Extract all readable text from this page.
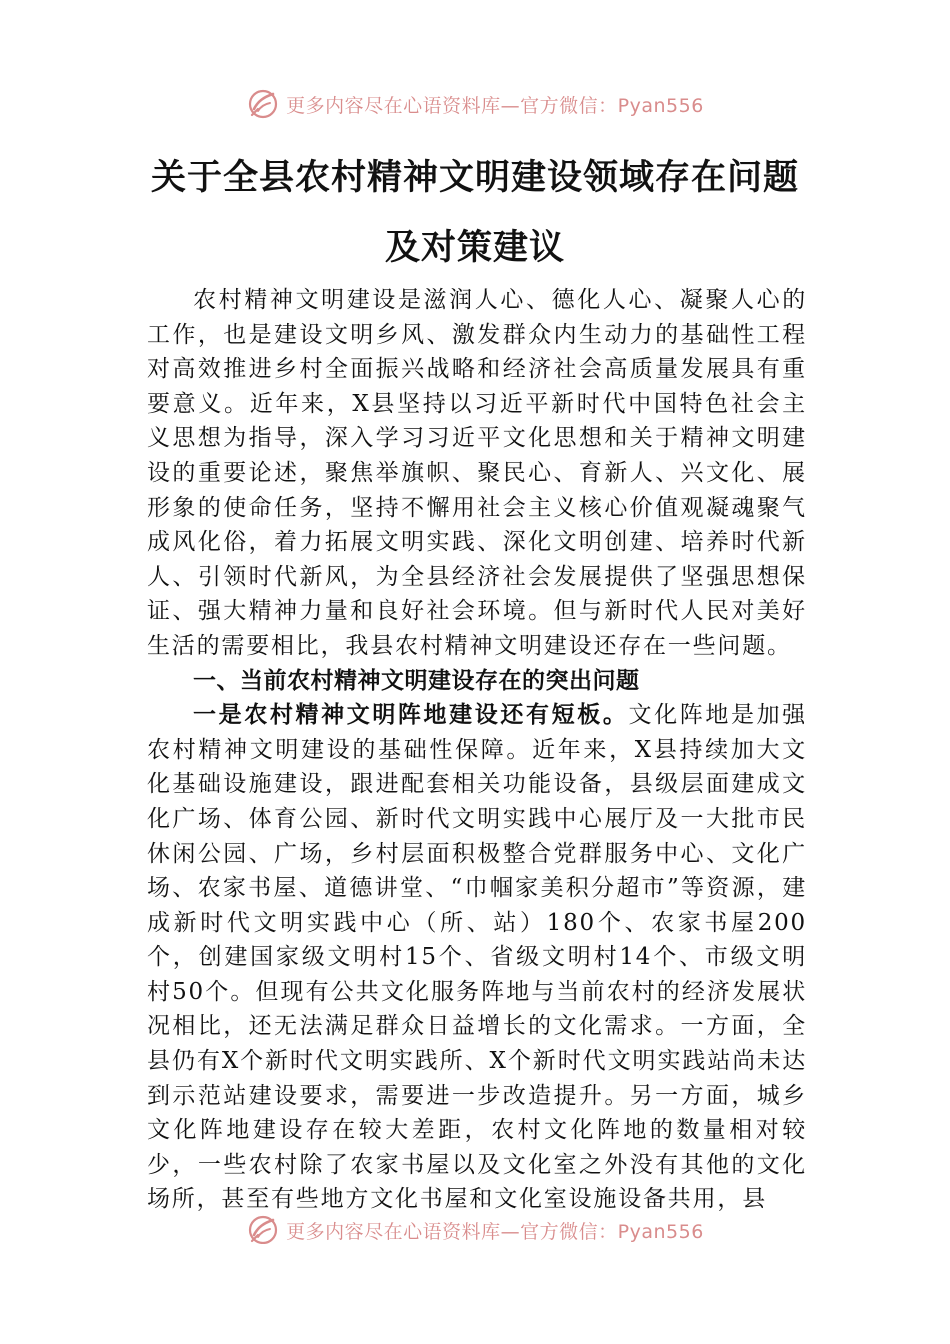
更多内容尽在心语资料库—官方微信：Pyan556
关于全县农村精神文明建设领域存在问题
及对策建议

农村精神文明建设是滋润人心、德化人心、凝聚人心的工作，也是建设文明乡风、激发群众内生动力的基础性工程对高效推进乡村全面振兴战略和经济社会高质量发展具有重要意义。近年来，X县坚持以习近平新时代中国特色社会主义思想为指导，深入学习习近平文化思想和关于精神文明建设的重要论述，聚焦举旗帜、聚民心、育新人、兴文化、展形象的使命任务，坚持不懈用社会主义核心价值观凝魂聚气成风化俗，着力拓展文明实践、深化文明创建、培养时代新人、引领时代新风，为全县经济社会发展提供了坚强思想保证、强大精神力量和良好社会环境。但与新时代人民对美好生活的需要相比，我县农村精神文明建设还存在一些问题。

一、当前农村精神文明建设存在的突出问题

一是农村精神文明阵地建设还有短板。文化阵地是加强农村精神文明建设的基础性保障。近年来，X县持续加大文化基础设施建设，跟进配套相关功能设备，县级层面建成文化广场、体育公园、新时代文明实践中心展厅及一大批市民休闲公园、广场，乡村层面积极整合党群服务中心、文化广场、农家书屋、道德讲堂、“巾帼家美积分超市”等资源，建成新时代文明实践中心（所、站）180个、农家书屋200个，创建国家级文明村15个、省级文明村14个、市级文明村50个。但现有公共文化服务阵地与当前农村的经济发展状况相比，还无法满足群众日益增长的文化需求。一方面，全县仍有X个新时代文明实践所、X个新时代文明实践站尚未达到示范站建设要求，需要进一步改造提升。另一方面，城乡文化阵地建设存在较大差距，农村文化阵地的数量相对较少，一些农村除了农家书屋以及文化室之外没有其他的文化场所，甚至有些地方文化书屋和文化室设施设备共用，县

更多内容尽在心语资料库—官方微信：Pyan556
